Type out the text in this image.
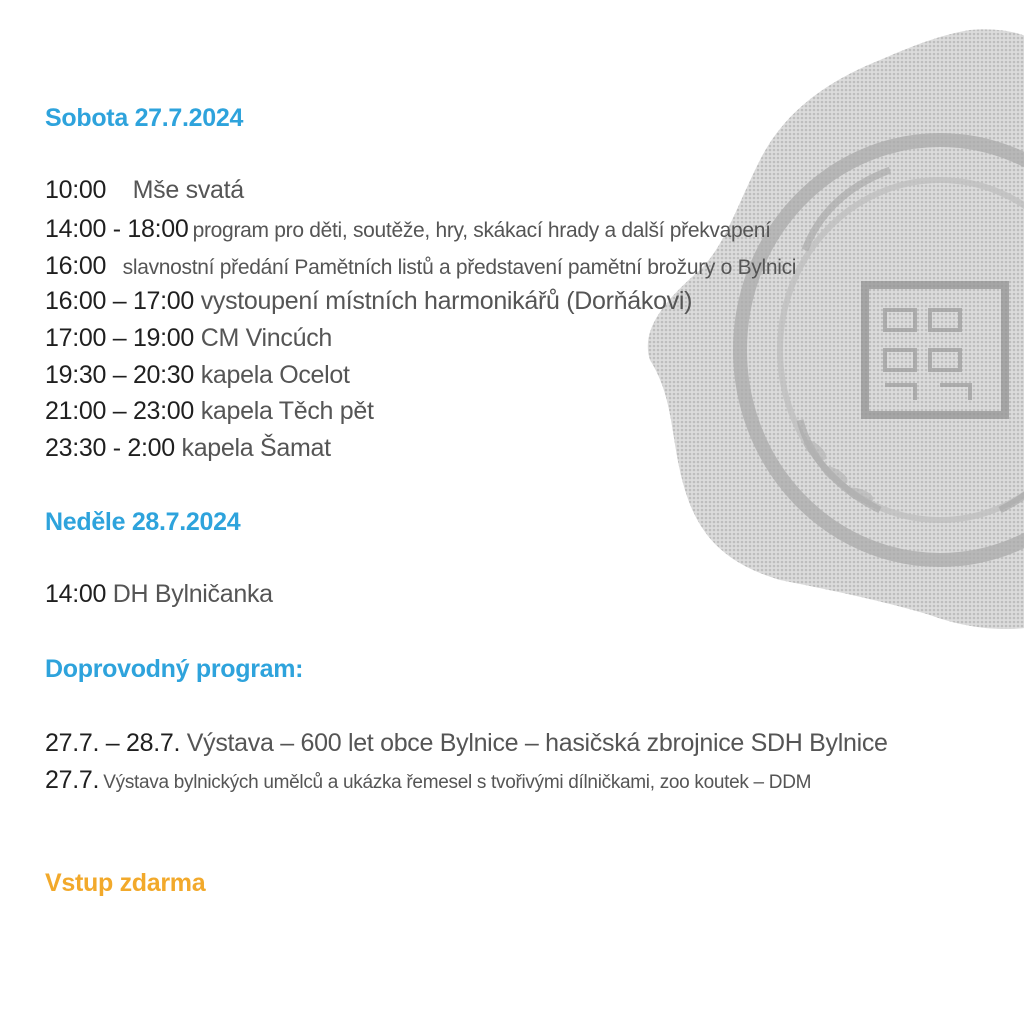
Sobota 27.7.2024
10:00 Mše svatá
14:00 - 18:00 program pro děti, soutěže, hry, skákací hrady a další překvapení
16:00 slavnostní předání Pamětních listů a představení pamětní brožury o Bylnici
16:00 – 17:00 vystoupení místních harmonikářů (Dorňákovi)
17:00 – 19:00 CM Vincúch
19:30 – 20:30 kapela Ocelot
21:00 – 23:00 kapela Těch pět
23:30 - 2:00 kapela Šamat
Neděle 28.7.2024
14:00 DH Bylničanka
Doprovodný program:
27.7. – 28.7. Výstava – 600 let obce Bylnice – hasičská zbrojnice SDH Bylnice
27.7. Výstava bylnických umělců a ukázka řemesel s tvořivými dílničkami, zoo koutek – DDM
Vstup zdarma
